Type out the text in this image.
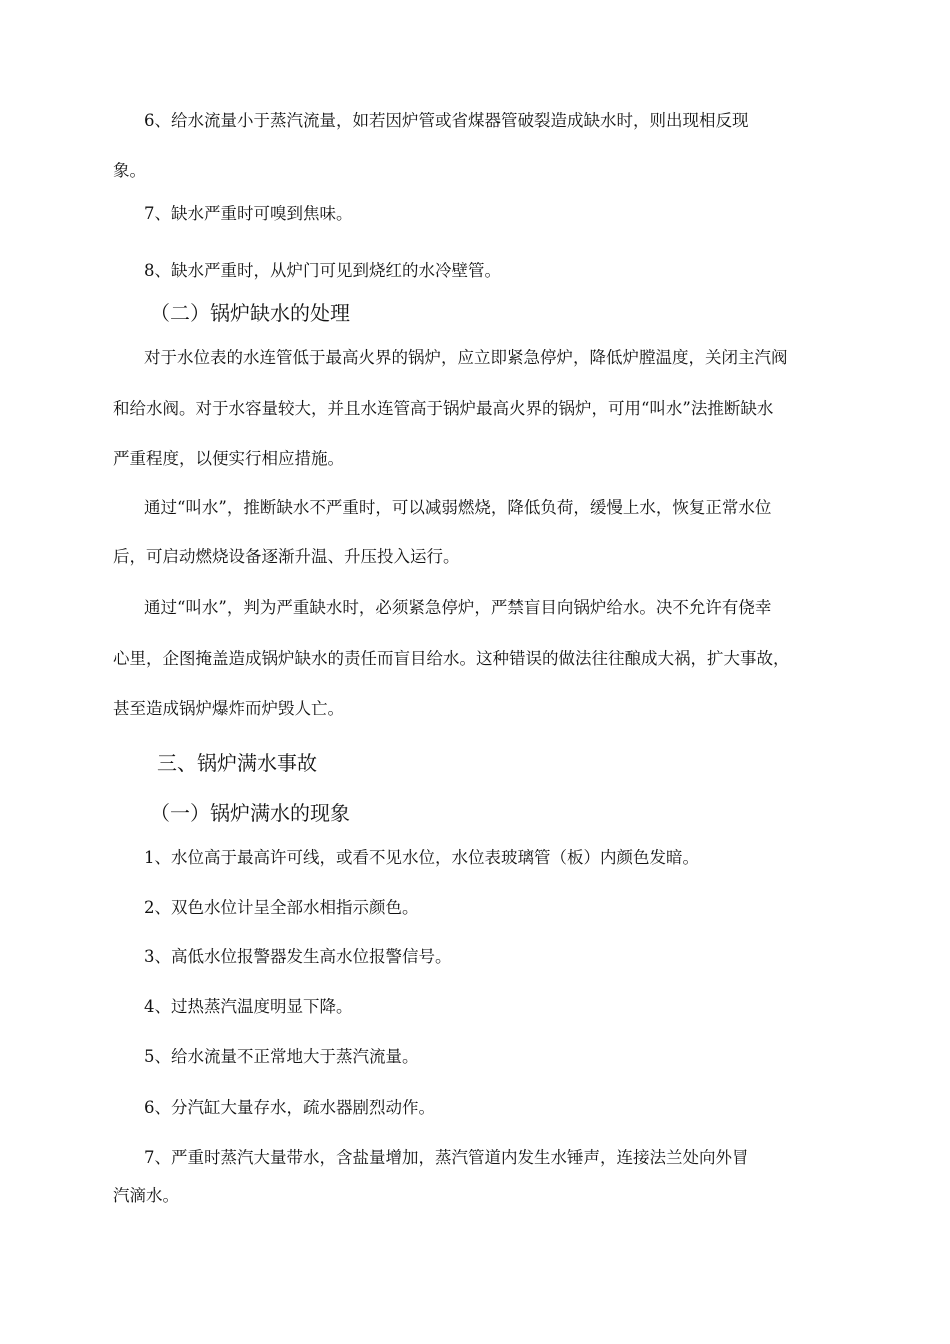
6、给水流量小于蒸汽流量，如若因炉管或省煤器管破裂造成缺水时，则出现相反现
象。
7、缺水严重时可嗅到焦味。
8、缺水严重时，从炉门可见到烧红的水冷壁管。
（二）锅炉缺水的处理
对于水位表的水连管低于最高火界的锅炉，应立即紧急停炉，降低炉膛温度，关闭主汽阀
和给水阀。对于水容量较大，并且水连管高于锅炉最高火界的锅炉，可用“叫水”法推断缺水
严重程度，以便实行相应措施。
通过“叫水”，推断缺水不严重时，可以减弱燃烧，降低负荷，缓慢上水，恢复正常水位
后，可启动燃烧设备逐渐升温、升压投入运行。
通过“叫水”，判为严重缺水时，必须紧急停炉，严禁盲目向锅炉给水。决不允许有侥幸
心里，企图掩盖造成锅炉缺水的责任而盲目给水。这种错误的做法往往酿成大祸，扩大事故，
甚至造成锅炉爆炸而炉毁人亡。
三、锅炉满水事故
（一）锅炉满水的现象
1、水位高于最高许可线，或看不见水位，水位表玻璃管（板）内颜色发暗。
2、双色水位计呈全部水相指示颜色。
3、高低水位报警器发生高水位报警信号。
4、过热蒸汽温度明显下降。
5、给水流量不正常地大于蒸汽流量。
6、分汽缸大量存水，疏水器剧烈动作。
7、严重时蒸汽大量带水，含盐量增加，蒸汽管道内发生水锤声，连接法兰处向外冒
汽滴水。
